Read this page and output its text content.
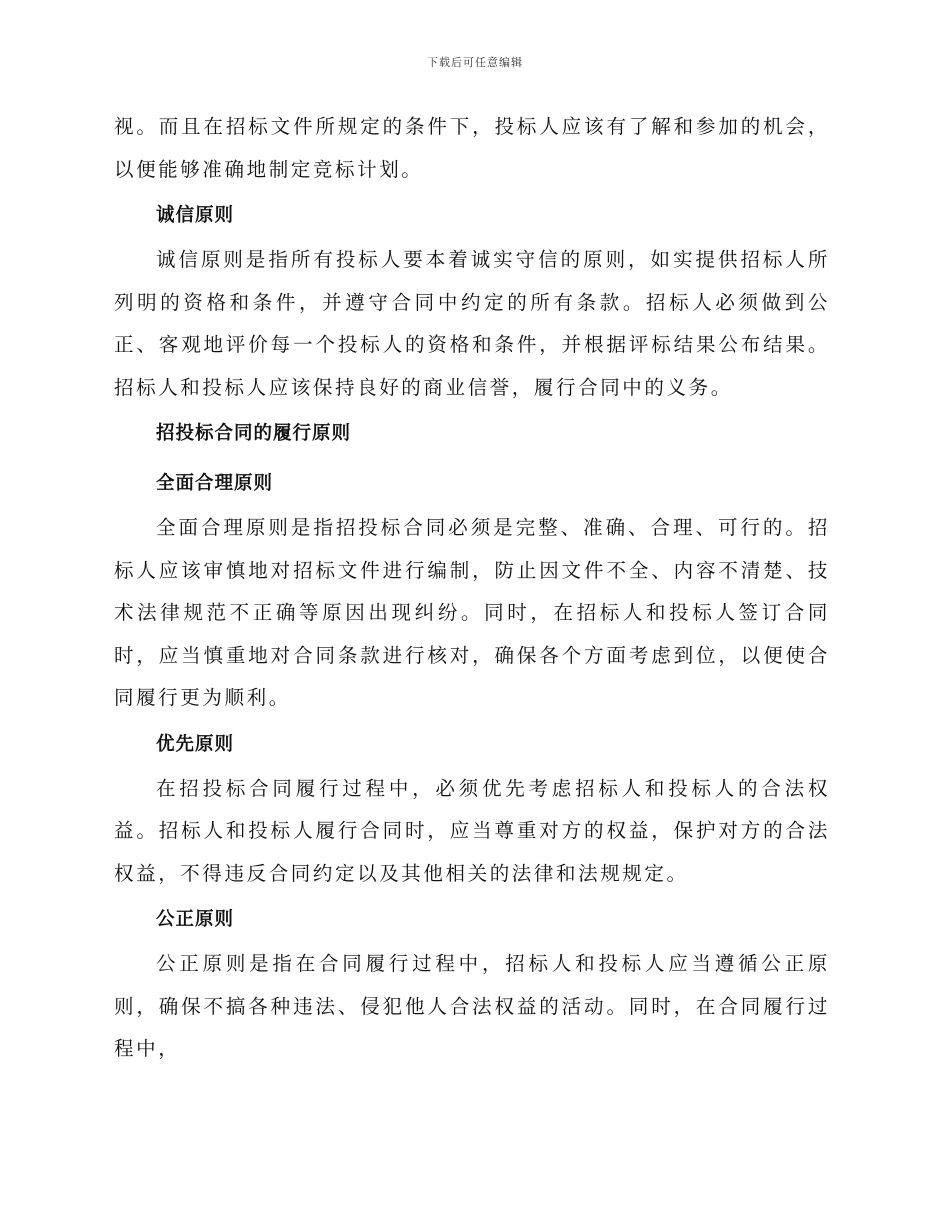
下载后可任意编辑

视。而且在招标文件所规定的条件下，投标人应该有了解和参加的机会，以便能够准确地制定竞标计划。

诚信原则

诚信原则是指所有投标人要本着诚实守信的原则，如实提供招标人所列明的资格和条件，并遵守合同中约定的所有条款。招标人必须做到公正、客观地评价每一个投标人的资格和条件，并根据评标结果公布结果。招标人和投标人应该保持良好的商业信誉，履行合同中的义务。

招投标合同的履行原则
全面合理原则

全面合理原则是指招投标合同必须是完整、准确、合理、可行的。招标人应该审慎地对招标文件进行编制，防止因文件不全、内容不清楚、技术法律规范不正确等原因出现纠纷。同时，在招标人和投标人签订合同时，应当慎重地对合同条款进行核对，确保各个方面考虑到位，以便使合同履行更为顺利。

优先原则

在招投标合同履行过程中，必须优先考虑招标人和投标人的合法权益。招标人和投标人履行合同时，应当尊重对方的权益，保护对方的合法权益，不得违反合同约定以及其他相关的法律和法规规定。

公正原则

公正原则是指在合同履行过程中，招标人和投标人应当遵循公正原则，确保不搞各种违法、侵犯他人合法权益的活动。同时，在合同履行过程中，
